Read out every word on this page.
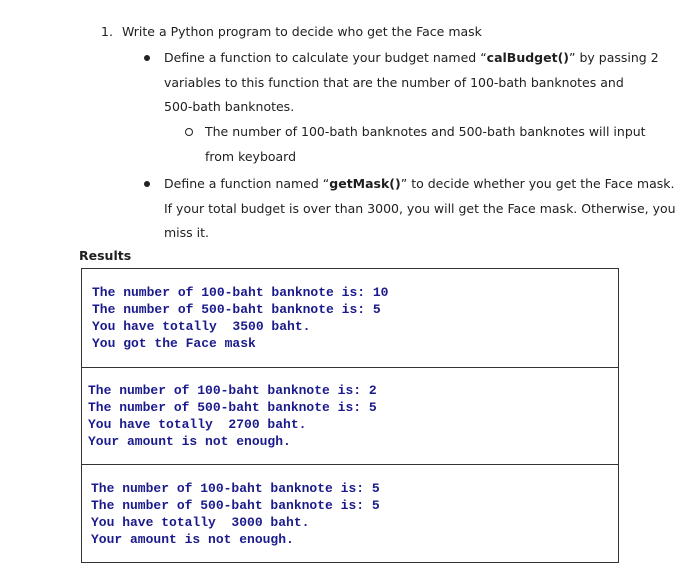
1. Write a Python program to decide who get the Face mask
Define a function to calculate your budget named “calBudget()” by passing 2
variables to this function that are the number of 100-bath banknotes and
500-bath banknotes.
The number of 100-bath banknotes and 500-bath banknotes will input
from keyboard
Define a function named “getMask()” to decide whether you get the Face mask.
If your total budget is over than 3000, you will get the Face mask. Otherwise, you
miss it.
Results
The number of 100-baht banknote is: 10
The number of 500-baht banknote is: 5
You have totally  3500 baht.
You got the Face mask
The number of 100-baht banknote is: 2
The number of 500-baht banknote is: 5
You have totally  2700 baht.
Your amount is not enough.
The number of 100-baht banknote is: 5
The number of 500-baht banknote is: 5
You have totally  3000 baht.
Your amount is not enough.
